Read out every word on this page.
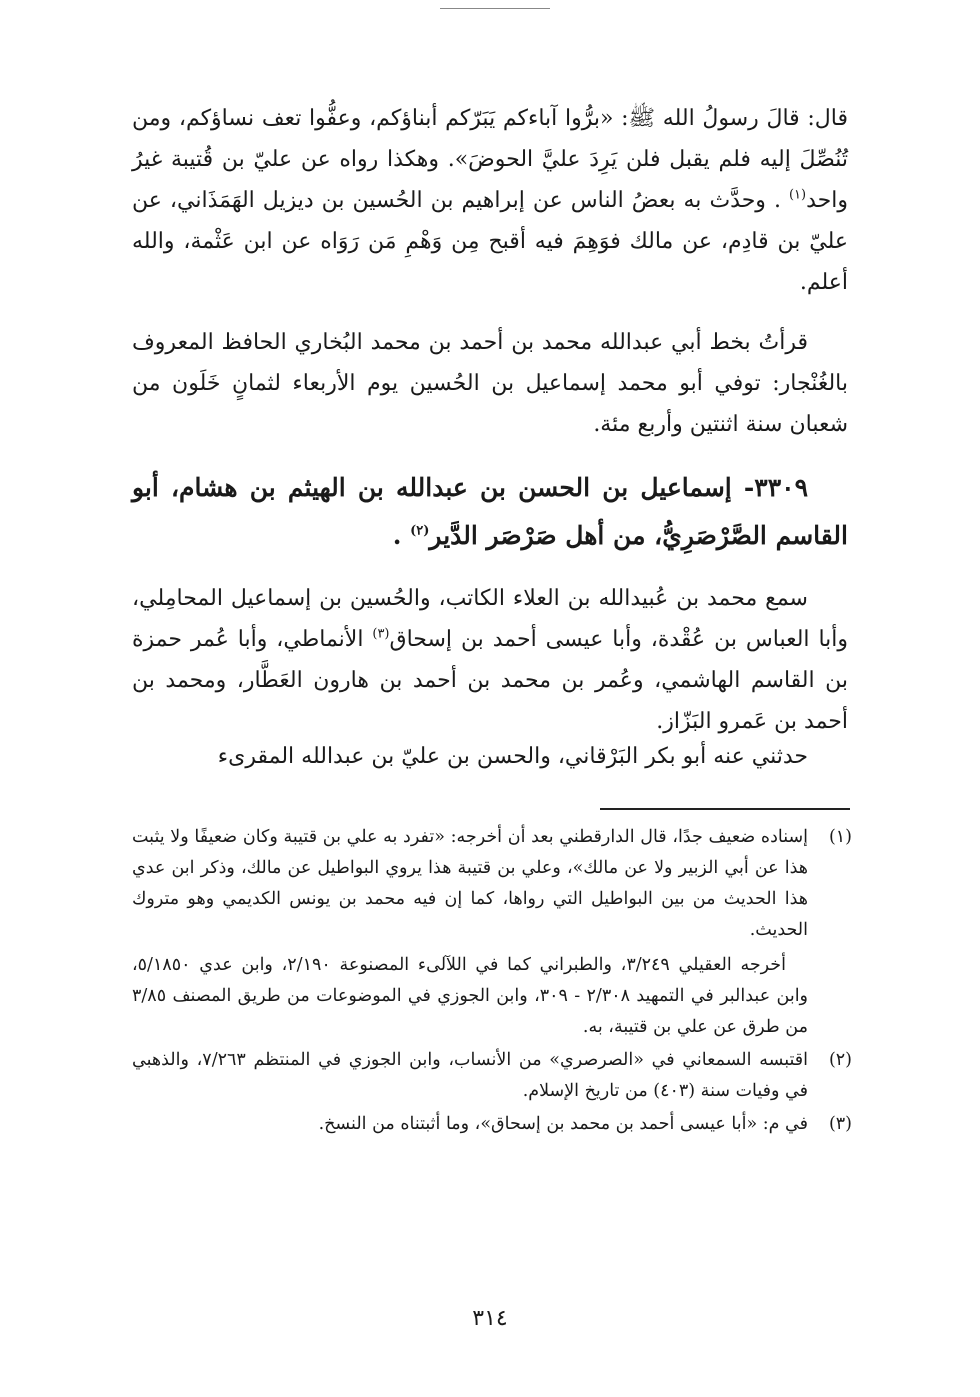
قال: قالَ رسولُ الله ﷺ: «برُّوا آباءكم يَبَرّكم أبناؤكم، وعفُّوا تعف نساؤكم، ومن تُنُصِّلَ إليه فلم يقبل فلن يَرِدَ عليَّ الحوضَ». وهكذا رواه عن عليّ بن قُتيبة غيرُ واحد$^{(١)}$ . وحدَّث به بعضُ الناس عن إبراهيم بن الحُسين بن ديزيل الهَمَذَاني، عن عليّ بن قادِم، عن مالك فوَهِمَ فيه أقبح مِن وَهْمِ مَن رَوَاه عن ابن عَثْمة، والله أعلم.

قرأتُ بخط أبي عبدالله محمد بن أحمد بن محمد البُخاري الحافظ المعروف بالغُنْجار: توفي أبو محمد إسماعيل بن الحُسين يوم الأربعاء لثمانٍ خَلَون من شعبان سنة اثنتين وأربع مئة.

٣٣٠٩- إسماعيل بن الحسن بن عبدالله بن الهيثم بن هشام، أبو القاسم الصَّرْصَرِيُّ، من أهل صَرْصَر الدَّير$^{(٢)}$ .

سمع محمد بن عُبيدالله بن العلاء الكاتب، والحُسين بن إسماعيل المحامِلي، وأبا العباس بن عُقْدة، وأبا عيسى أحمد بن إسحاق$^{(٣)}$ الأنماطي، وأبا عُمر حمزة بن القاسم الهاشمي، وعُمر بن محمد بن أحمد بن هارون العَطَّار، ومحمد بن أحمد بن عَمرو البَزّاز.

حدثني عنه أبو بكر البَرْقاني، والحسن بن عليّ بن عبدالله المقرىء

(١)

إسناده ضعيف جدًا، قال الدارقطني بعد أن أخرجه: «تفرد به علي بن قتيبة وكان ضعيفًا ولا يثبت هذا عن أبي الزبير ولا عن مالك»، وعلي بن قتيبة هذا يروي البواطيل عن مالك، وذكر ابن عدي هذا الحديث من بين البواطيل التي رواها، كما إن فيه محمد بن يونس الكديمي وهو متروك الحديث.

أخرجه العقيلي ٣/٢٤٩، والطبراني كما في اللآلىء المصنوعة ٢/١٩٠، وابن عدي ٥/١٨٥٠، وابن عبدالبر في التمهيد ٢/٣٠٨ - ٣٠٩، وابن الجوزي في الموضوعات من طريق المصنف ٣/٨٥ من طرق عن علي بن قتيبة، به.

(٢)

اقتبسه السمعاني في «الصرصري» من الأنساب، وابن الجوزي في المنتظم ٧/٢٦٣، والذهبي في وفيات سنة (٤٠٣) من تاريخ الإسلام.

(٣)

في م: «أبا عيسى أحمد بن محمد بن إسحاق»، وما أثبتناه من النسخ.

٣١٤
